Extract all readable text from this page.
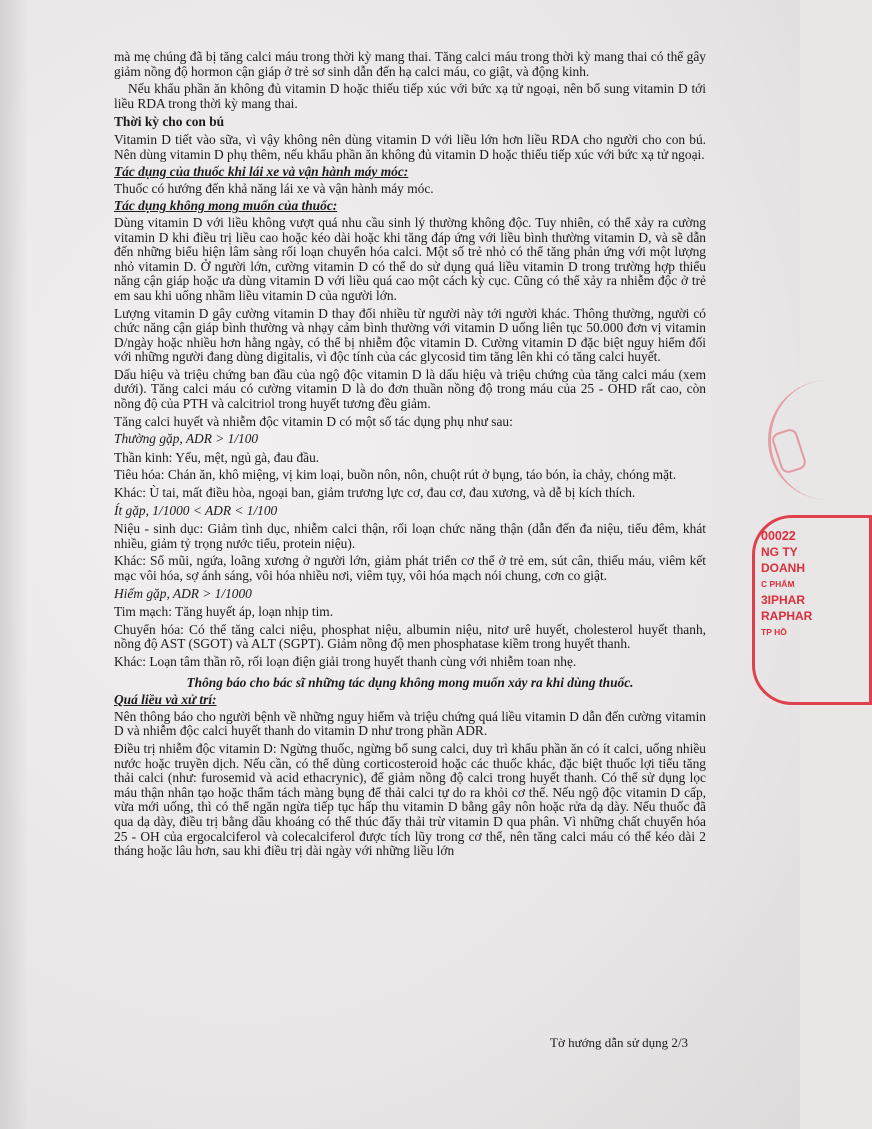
mà mẹ chúng đã bị tăng calci máu trong thời kỳ mang thai. Tăng calci máu trong thời kỳ mang thai có thể gây giảm nồng độ hormon cận giáp ở trẻ sơ sinh dẫn đến hạ calci máu, co giật, và động kinh.

Nếu khẩu phần ăn không đủ vitamin D hoặc thiếu tiếp xúc với bức xạ tử ngoại, nên bổ sung vitamin D tới liều RDA trong thời kỳ mang thai.

Thời kỳ cho con bú

Vitamin D tiết vào sữa, vì vậy không nên dùng vitamin D với liều lớn hơn liều RDA cho người cho con bú. Nên dùng vitamin D phụ thêm, nếu khẩu phần ăn không đủ vitamin D hoặc thiếu tiếp xúc với bức xạ tử ngoại.

Tác dụng của thuốc khi lái xe và vận hành máy móc:

Thuốc có hướng đến khả năng lái xe và vận hành máy móc.

Tác dụng không mong muốn của thuốc:

Dùng vitamin D với liều không vượt quá nhu cầu sinh lý thường không độc. Tuy nhiên, có thể xảy ra cường vitamin D khi điều trị liều cao hoặc kéo dài hoặc khi tăng đáp ứng với liều bình thường vitamin D, và sẽ dẫn đến những biểu hiện lâm sàng rối loạn chuyển hóa calci. Một số trẻ nhỏ có thể tăng phản ứng với một lượng nhỏ vitamin D. Ở người lớn, cường vitamin D có thể do sử dụng quá liều vitamin D trong trường hợp thiểu năng cận giáp hoặc ưa dùng vitamin D với liều quá cao một cách kỳ cục. Cũng có thể xảy ra nhiễm độc ở trẻ em sau khi uống nhầm liều vitamin D của người lớn.

Lượng vitamin D gây cường vitamin D thay đổi nhiều từ người này tới người khác. Thông thường, người có chức năng cận giáp bình thường và nhạy cảm bình thường với vitamin D uống liên tục 50.000 đơn vị vitamin D/ngày hoặc nhiều hơn hằng ngày, có thể bị nhiễm độc vitamin D. Cường vitamin D đặc biệt nguy hiểm đối với những người đang dùng digitalis, vì độc tính của các glycosid tim tăng lên khi có tăng calci huyết.

Dấu hiệu và triệu chứng ban đầu của ngộ độc vitamin D là dấu hiệu và triệu chứng của tăng calci máu (xem dưới). Tăng calci máu có cường vitamin D là do đơn thuần nồng độ trong máu của 25 - OHD rất cao, còn nồng độ của PTH và calcitriol trong huyết tương đều giảm.

Tăng calci huyết và nhiễm độc vitamin D có một số tác dụng phụ như sau:

Thường gặp, ADR > 1/100

Thần kinh: Yếu, mệt, ngủ gà, đau đầu.

Tiêu hóa: Chán ăn, khô miệng, vị kim loại, buồn nôn, nôn, chuột rút ở bụng, táo bón, ỉa chảy, chóng mặt.

Khác: Ù tai, mất điều hòa, ngoại ban, giảm trương lực cơ, đau cơ, đau xương, và dễ bị kích thích.

Ít gặp, 1/1000 < ADR < 1/100

Niệu - sinh dục: Giảm tình dục, nhiễm calci thận, rối loạn chức năng thận (dẫn đến đa niệu, tiểu đêm, khát nhiều, giảm tỷ trọng nước tiểu, protein niệu).

Khác: Sổ mũi, ngứa, loãng xương ở người lớn, giảm phát triển cơ thể ở trẻ em, sút cân, thiếu máu, viêm kết mạc vôi hóa, sợ ánh sáng, vôi hóa nhiều nơi, viêm tụy, vôi hóa mạch nói chung, cơn co giật.

Hiếm gặp, ADR > 1/1000

Tim mạch: Tăng huyết áp, loạn nhịp tim.

Chuyển hóa: Có thể tăng calci niệu, phosphat niệu, albumin niệu, nitơ urê huyết, cholesterol huyết thanh, nồng độ AST (SGOT) và ALT (SGPT). Giảm nồng độ men phosphatase kiềm trong huyết thanh.

Khác: Loạn tâm thần rõ, rối loạn điện giải trong huyết thanh cùng với nhiễm toan nhẹ.

Thông báo cho bác sĩ những tác dụng không mong muốn xảy ra khi dùng thuốc.
Quá liều và xử trí:

Nên thông báo cho người bệnh về những nguy hiểm và triệu chứng quá liều vitamin D dẫn đến cường vitamin D và nhiễm độc calci huyết thanh do vitamin D như trong phần ADR.

Điều trị nhiễm độc vitamin D: Ngừng thuốc, ngừng bổ sung calci, duy trì khẩu phần ăn có ít calci, uống nhiều nước hoặc truyền dịch. Nếu cần, có thể dùng corticosteroid hoặc các thuốc khác, đặc biệt thuốc lợi tiểu tăng thải calci (như: furosemid và acid ethacrynic), để giảm nồng độ calci trong huyết thanh. Có thể sử dụng lọc máu thận nhân tạo hoặc thẩm tách màng bụng để thải calci tự do ra khỏi cơ thể. Nếu ngộ độc vitamin D cấp, vừa mới uống, thì có thể ngăn ngừa tiếp tục hấp thu vitamin D bằng gây nôn hoặc rửa dạ dày. Nếu thuốc đã qua dạ dày, điều trị bằng dầu khoáng có thể thúc đẩy thải trừ vitamin D qua phân. Vì những chất chuyển hóa 25 - OH của ergocalciferol và colecalciferol được tích lũy trong cơ thể, nên tăng calci máu có thể kéo dài 2 tháng hoặc lâu hơn, sau khi điều trị dài ngày với những liều lớn

Tờ hướng dẫn sử dụng 2/3
00022
NG TY
DOANH
C PHẨM
3IPHAR
RAPHAR
TP HỒ
